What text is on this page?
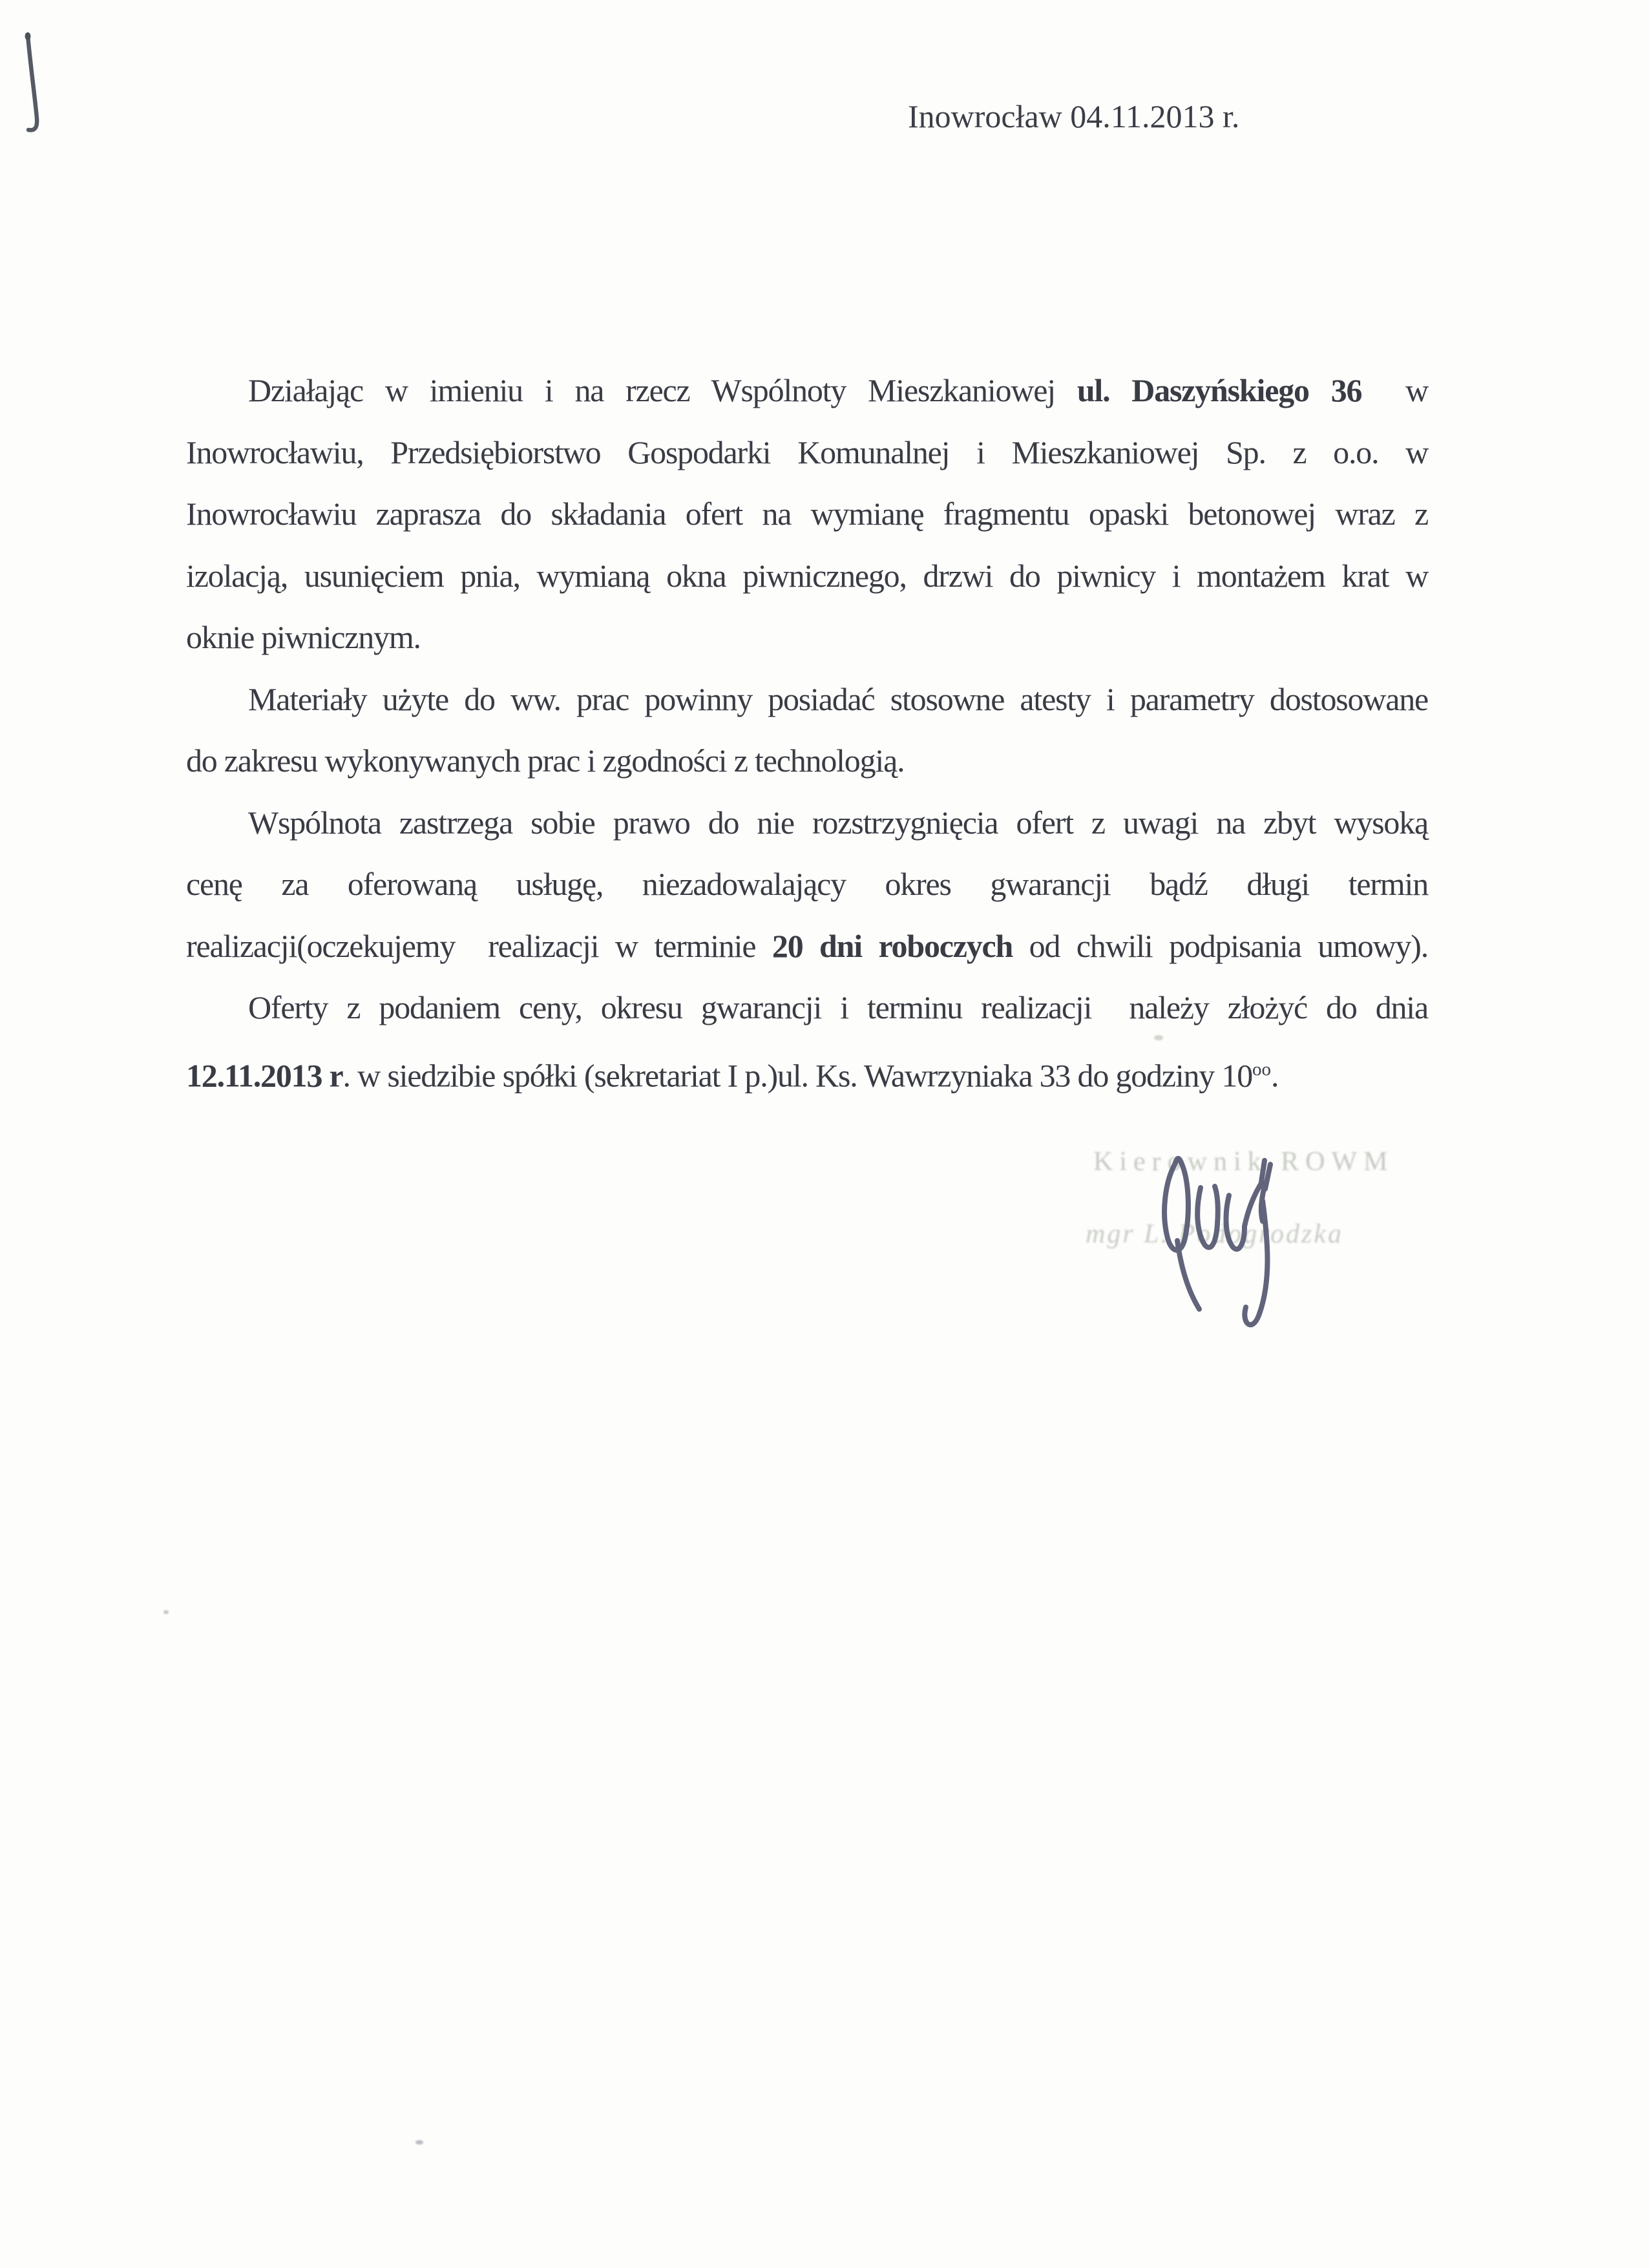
Inowrocław 04.11.2013 r.
Działając w imieniu i na rzecz Wspólnoty Mieszkaniowej ul. Daszyńskiego 36  w
Inowrocławiu, Przedsiębiorstwo Gospodarki Komunalnej i Mieszkaniowej Sp. z o.o. w
Inowrocławiu zaprasza do składania ofert na wymianę fragmentu opaski betonowej wraz z
izolacją, usunięciem pnia, wymianą okna piwnicznego, drzwi do piwnicy i montażem krat w
oknie piwnicznym.
Materiały użyte do ww. prac powinny posiadać stosowne atesty i parametry dostosowane
do zakresu wykonywanych prac i zgodności z technologią.
Wspólnota zastrzega sobie prawo do nie rozstrzygnięcia ofert z uwagi na zbyt wysoką
cenę za oferowaną usługę, niezadowalający okres gwarancji bądź długi termin
realizacji(oczekujemy  realizacji w terminie 20 dni roboczych od chwili podpisania umowy).
Oferty z podaniem ceny, okresu gwarancji i terminu realizacji  należy złożyć do dnia
12.11.2013 r. w siedzibie spółki (sekretariat I p.)ul. Ks. Wawrzyniaka 33 do godziny $10^{oo}$.
Kierownik ROWM
mgr L. Podogrodzka
